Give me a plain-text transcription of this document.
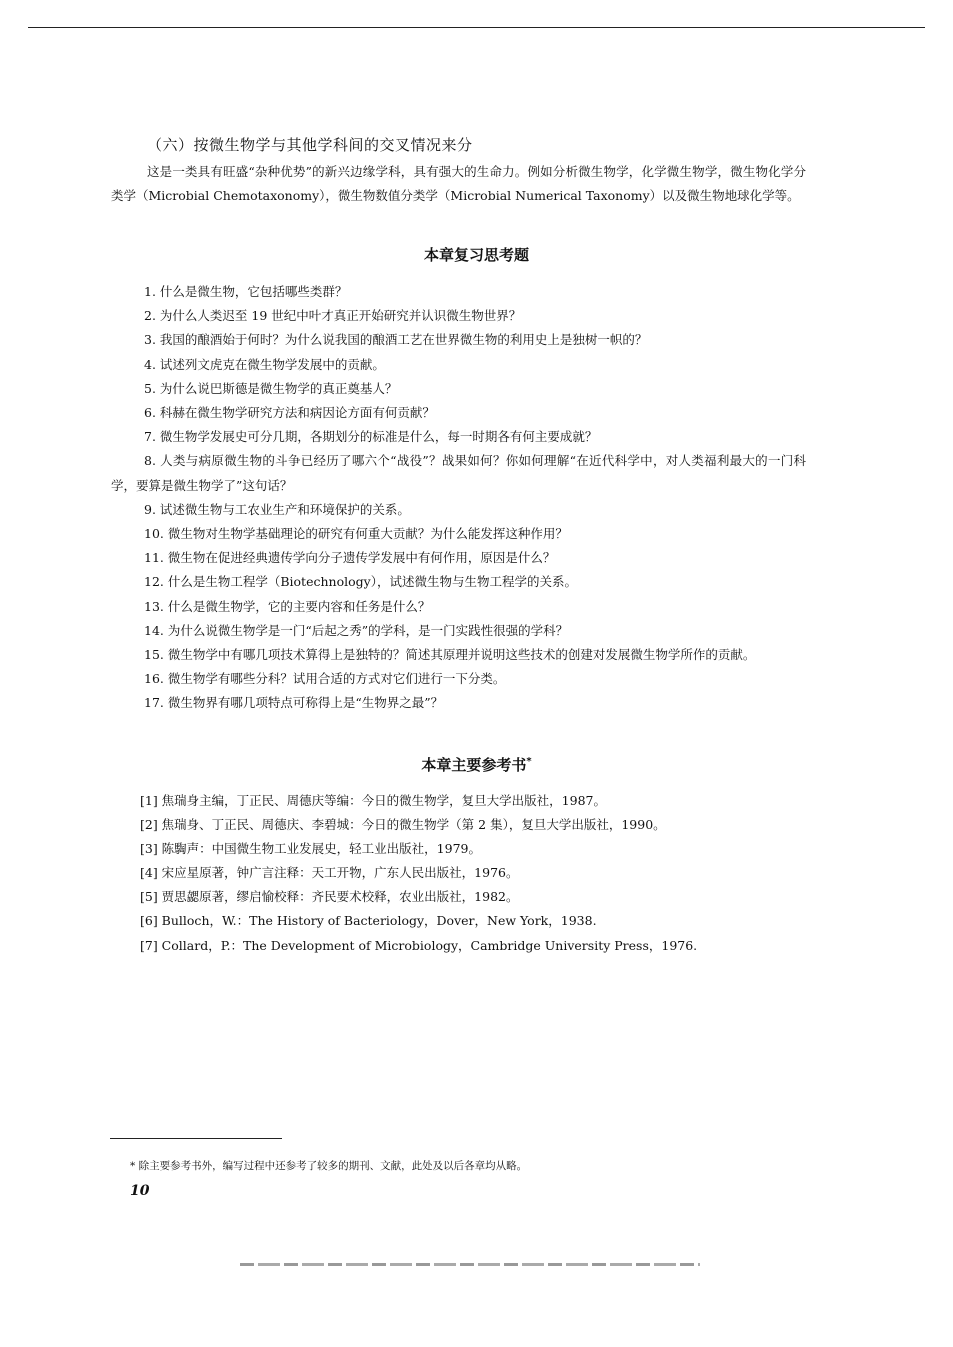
（六）按微生物学与其他学科间的交叉情况来分

这是一类具有旺盛“杂种优势”的新兴边缘学科，具有强大的生命力。例如分析微生物学，化学微生物学，微生物化学分类学（Microbial Chemotaxonomy），微生物数值分类学（Microbial Numerical Taxonomy）以及微生物地球化学等。

本章复习思考题
1. 什么是微生物，它包括哪些类群？
2. 为什么人类迟至 19 世纪中叶才真正开始研究并认识微生物世界？
3. 我国的酿酒始于何时？为什么说我国的酿酒工艺在世界微生物的利用史上是独树一帜的？
4. 试述列文虎克在微生物学发展中的贡献。
5. 为什么说巴斯德是微生物学的真正奠基人？
6. 科赫在微生物学研究方法和病因论方面有何贡献？
7. 微生物学发展史可分几期，各期划分的标准是什么，每一时期各有何主要成就？
8. 人类与病原微生物的斗争已经历了哪六个“战役”？战果如何？你如何理解“在近代科学中，对人类福利最大的一门科学，要算是微生物学了”这句话？
9. 试述微生物与工农业生产和环境保护的关系。
10. 微生物对生物学基础理论的研究有何重大贡献？为什么能发挥这种作用？
11. 微生物在促进经典遗传学向分子遗传学发展中有何作用，原因是什么？
12. 什么是生物工程学（Biotechnology），试述微生物与生物工程学的关系。
13. 什么是微生物学，它的主要内容和任务是什么？
14. 为什么说微生物学是一门“后起之秀”的学科，是一门实践性很强的学科？
15. 微生物学中有哪几项技术算得上是独特的？简述其原理并说明这些技术的创建对发展微生物学所作的贡献。
16. 微生物学有哪些分科？试用合适的方式对它们进行一下分类。
17. 微生物界有哪几项特点可称得上是“生物界之最”？
本章主要参考书*
[1] 焦瑞身主编，丁正民、周德庆等编：今日的微生物学，复旦大学出版社，1987。
[2] 焦瑞身、丁正民、周德庆、李碧城：今日的微生物学（第 2 集），复旦大学出版社，1990。
[3] 陈騊声：中国微生物工业发展史，轻工业出版社，1979。
[4] 宋应星原著，钟广言注释：天工开物，广东人民出版社，1976。
[5] 贾思勰原著，缪启愉校释：齐民要术校释，农业出版社，1982。
[6] Bulloch，W.：The History of Bacteriology，Dover，New York，1938.
[7] Collard，P.：The Development of Microbiology，Cambridge University Press，1976.
* 除主要参考书外，编写过程中还参考了较多的期刊、文献，此处及以后各章均从略。
10
